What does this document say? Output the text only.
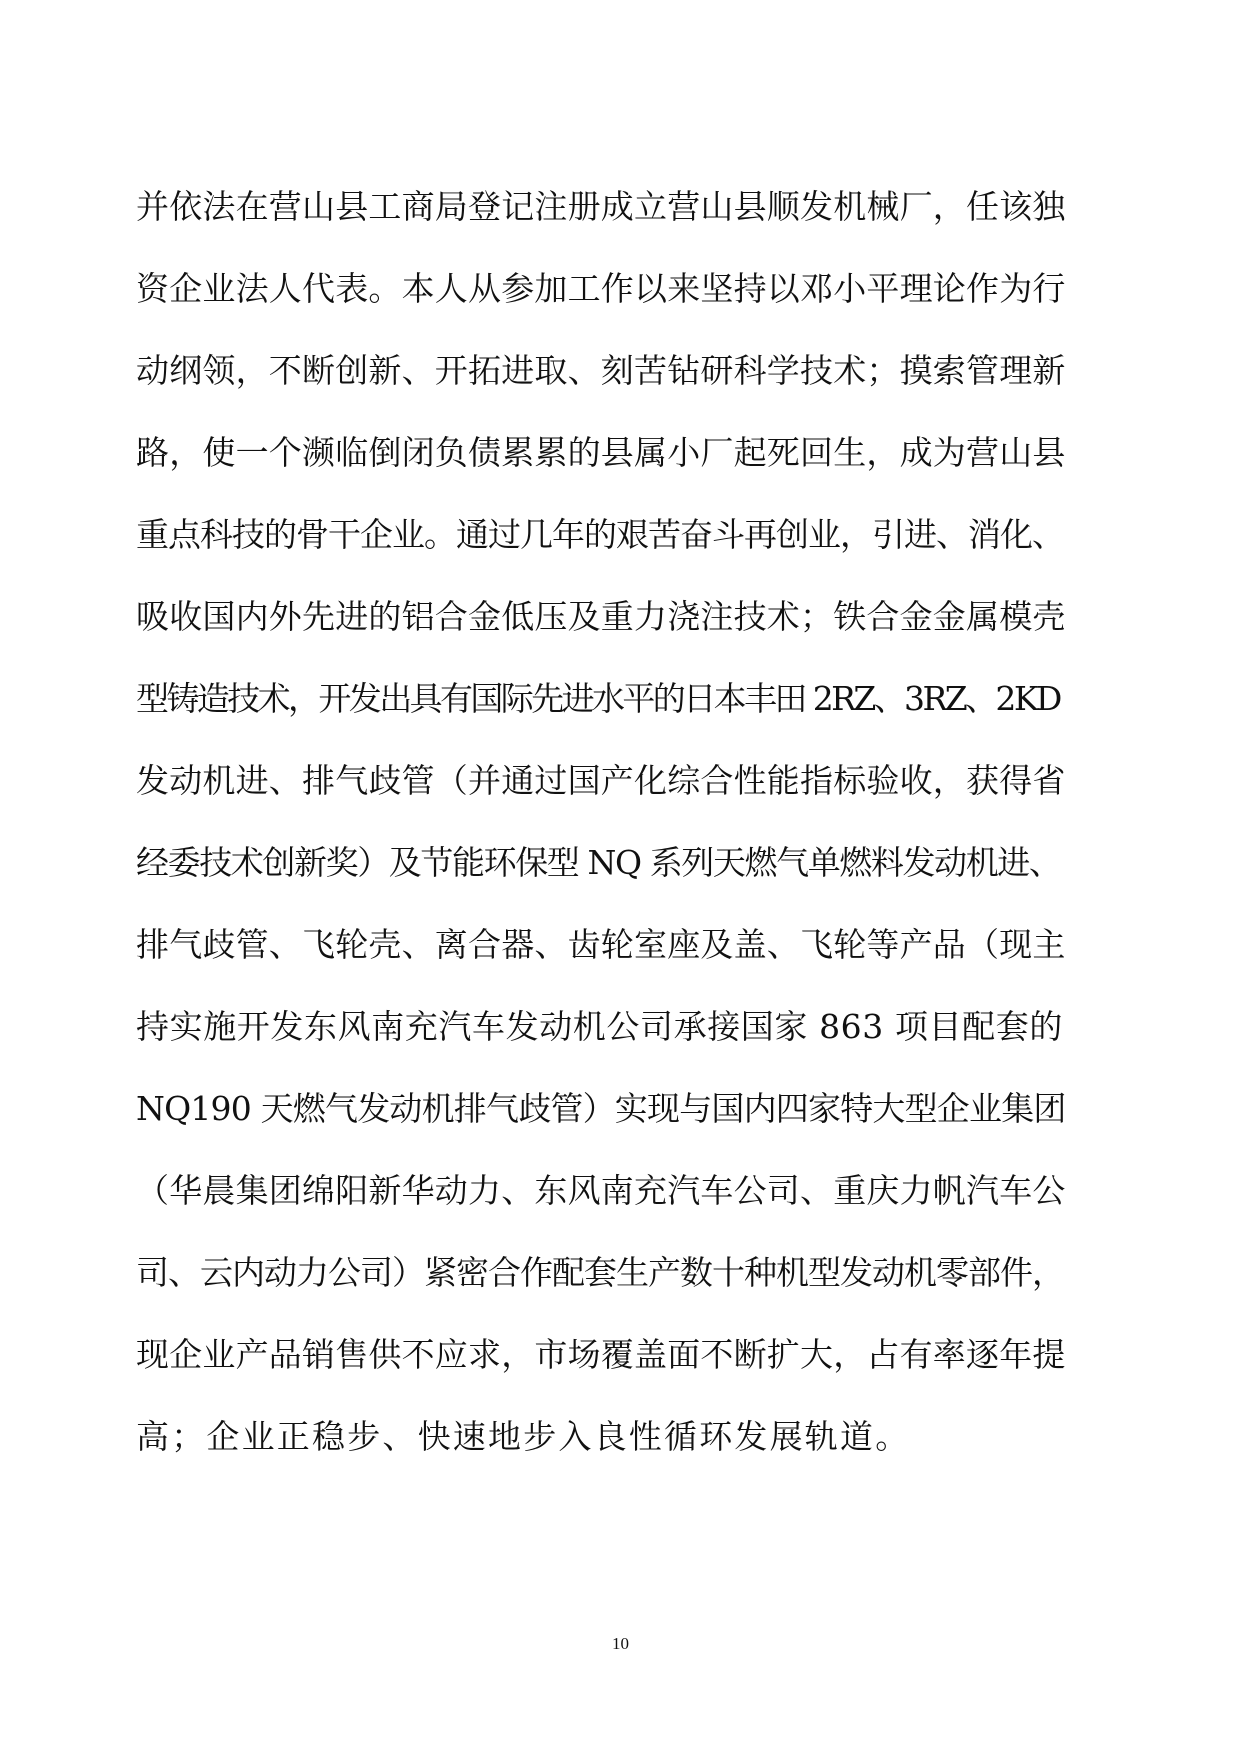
并依法在营山县工商局登记注册成立营山县顺发机械厂，任该独
资企业法人代表。本人从参加工作以来坚持以邓小平理论作为行
动纲领，不断创新、开拓进取、刻苦钻研科学技术；摸索管理新
路，使一个濒临倒闭负债累累的县属小厂起死回生，成为营山县
重点科技的骨干企业。通过几年的艰苦奋斗再创业，引进、消化、
吸收国内外先进的铝合金低压及重力浇注技术；铁合金金属模壳
型铸造技术，开发出具有国际先进水平的日本丰田 2RZ、3RZ、2KD
发动机进、排气歧管（并通过国产化综合性能指标验收，获得省
经委技术创新奖）及节能环保型 NQ 系列天燃气单燃料发动机进、
排气歧管、飞轮壳、离合器、齿轮室座及盖、飞轮等产品（现主
持实施开发东风南充汽车发动机公司承接国家 863 项目配套的
NQ190 天燃气发动机排气歧管）实现与国内四家特大型企业集团
（华晨集团绵阳新华动力、东风南充汽车公司、重庆力帆汽车公
司、云内动力公司）紧密合作配套生产数十种机型发动机零部件，
现企业产品销售供不应求，市场覆盖面不断扩大，占有率逐年提
高；企业正稳步、快速地步入良性循环发展轨道。
10
